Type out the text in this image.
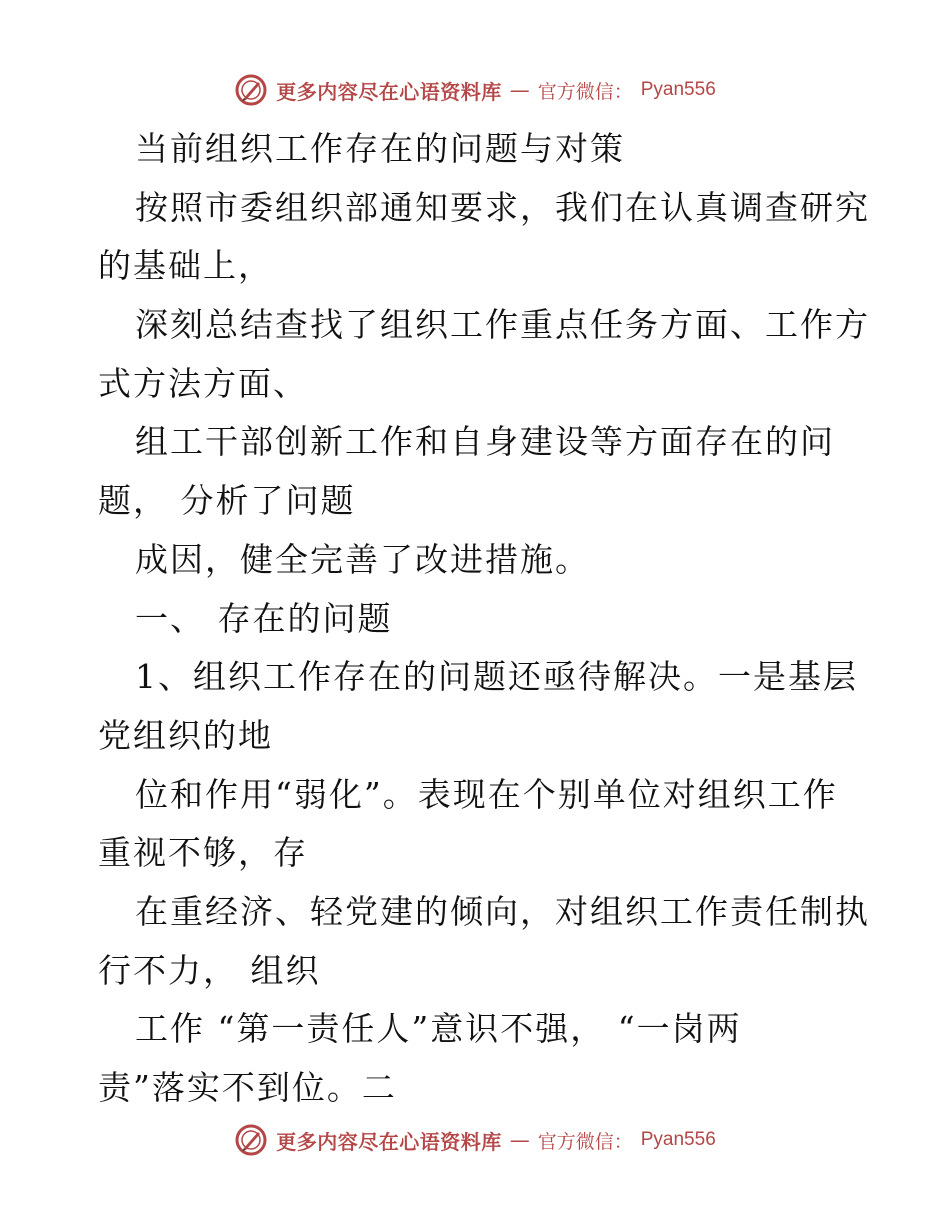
更多内容尽在心语资料库 — 官方微信： Pyan556
当前组织工作存在的问题与对策
按照市委组织部通知要求，我们在认真调查研究
的基础上，
深刻总结查找了组织工作重点任务方面、工作方
式方法方面、
组工干部创新工作和自身建设等方面存在的问
题， 分析了问题
成因，健全完善了改进措施。
一、 存在的问题
1、组织工作存在的问题还亟待解决。一是基层
党组织的地
位和作用“弱化”。表现在个别单位对组织工作
重视不够，存
在重经济、轻党建的倾向，对组织工作责任制执
行不力， 组织
工作 “第一责任人”意识不强， “一岗两
责”落实不到位。二
更多内容尽在心语资料库 — 官方微信： Pyan556
